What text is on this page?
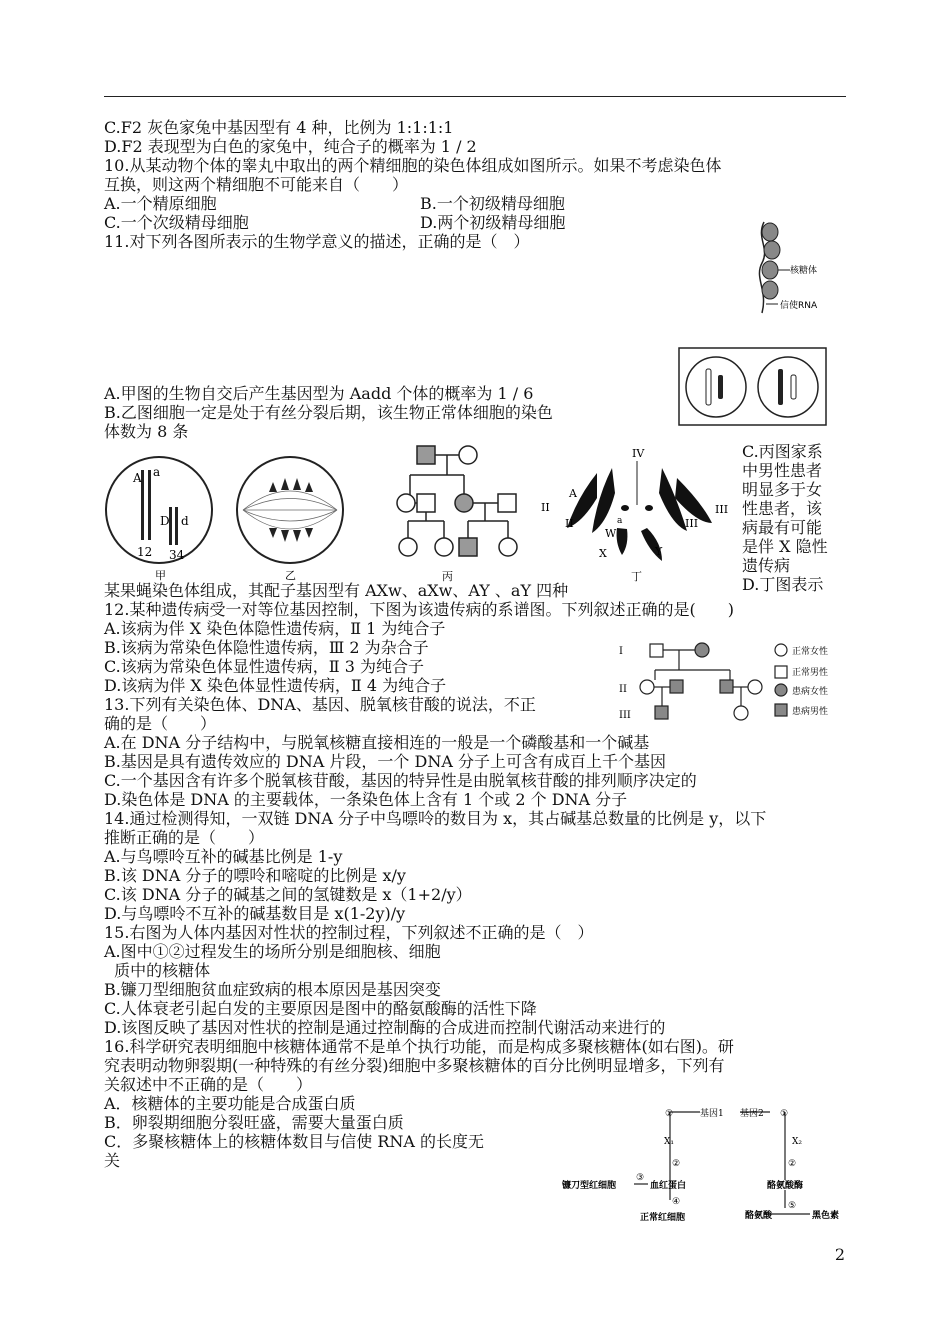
C.F2 灰色家兔中基因型有 4 种，比例为 1:1:1:1
D.F2 表现型为白色的家兔中，纯合子的概率为 1 / 2
10.从某动物个体的睾丸中取出的两个精细胞的染色体组成如图所示。如果不考虑染色体
互换，则这两个精细胞不可能来自（　　）
A.一个精原细胞	B.一个初级精母细胞
C.一个次级精母细胞	D.两个初级精母细胞
11.对下列各图所表示的生物学意义的描述，正确的是（　）
A.甲图的生物自交后产生基因型为 Aadd 个体的概率为 1 / 6
B.乙图细胞一定是处于有丝分裂后期，该生物正常体细胞的染色
体数为 8 条
某果蝇染色体组成，其配子基因型有 AXw、aXw、AY 、aY 四种
12.某种遗传病受一对等位基因控制，下图为该遗传病的系谱图。下列叙述正确的是(　　)
A.该病为伴 X 染色体隐性遗传病，Ⅱ 1 为纯合子
B.该病为常染色体隐性遗传病，Ⅲ 2 为杂合子
C.该病为常染色体显性遗传病，Ⅱ 3 为纯合子
D.该病为伴 X 染色体显性遗传病，Ⅱ 4 为纯合子
13.下列有关染色体、DNA、基因、脱氧核苷酸的说法，不正
确的是（　　）
A.在 DNA 分子结构中，与脱氧核糖直接相连的一般是一个磷酸基和一个碱基
B.基因是具有遗传效应的 DNA 片段，一个 DNA 分子上可含有成百上千个基因
C.一个基因含有许多个脱氧核苷酸，基因的特异性是由脱氧核苷酸的排列顺序决定的
D.染色体是 DNA 的主要载体，一条染色体上含有 1 个或 2 个 DNA 分子
14.通过检测得知，一双链 DNA 分子中鸟嘌呤的数目为 x，其占碱基总数量的比例是 y，以下
推断正确的是（　　）
A.与鸟嘌呤互补的碱基比例是 1-y
B.该 DNA 分子的嘌呤和嘧啶的比例是 x/y
C.该 DNA 分子的碱基之间的氢键数是 x（1+2/y）
D.与鸟嘌呤不互补的碱基数目是 x(1-2y)/y
15.右图为人体内基因对性状的控制过程，下列叙述不正确的是（　）
A.图中①②过程发生的场所分别是细胞核、细胞
质中的核糖体
B.镰刀型细胞贫血症致病的根本原因是基因突变
C.人体衰老引起白发的主要原因是图中的酪氨酸酶的活性下降
D.该图反映了基因对性状的控制是通过控制酶的合成进而控制代谢活动来进行的
16.科学研究表明细胞中核糖体通常不是单个执行功能，而是构成多聚核糖体(如右图)。研
究表明动物卵裂期(一种特殊的有丝分裂)细胞中多聚核糖体的百分比例明显增多，下列有
关叙述中不正确的是（　　）
A．核糖体的主要功能是合成蛋白质
B．卵裂期细胞分裂旺盛，需要大量蛋白质
C．多聚核糖体上的核糖体数目与信使 RNA 的长度无
关
核糖体
信使RNA
A a
D d
12 34
甲	乙	丙
IV
II
II
III
III
A
a
W
X	Y
丁
C.丙图家系
中男性患者
明显多于女
性患者，该
病最有可能
是伴 X 隐性
遗传病
D.丁图表示
I
II
III
正常女性
正常男性
患病女性
患病男性
①	基因1 基因2 ①
X₁	X₂
②	②
镰刀型红细胞
③
血红蛋白
④
正常红细胞
酪氨酸酶
酪氨酸
⑤
黑色素
2
